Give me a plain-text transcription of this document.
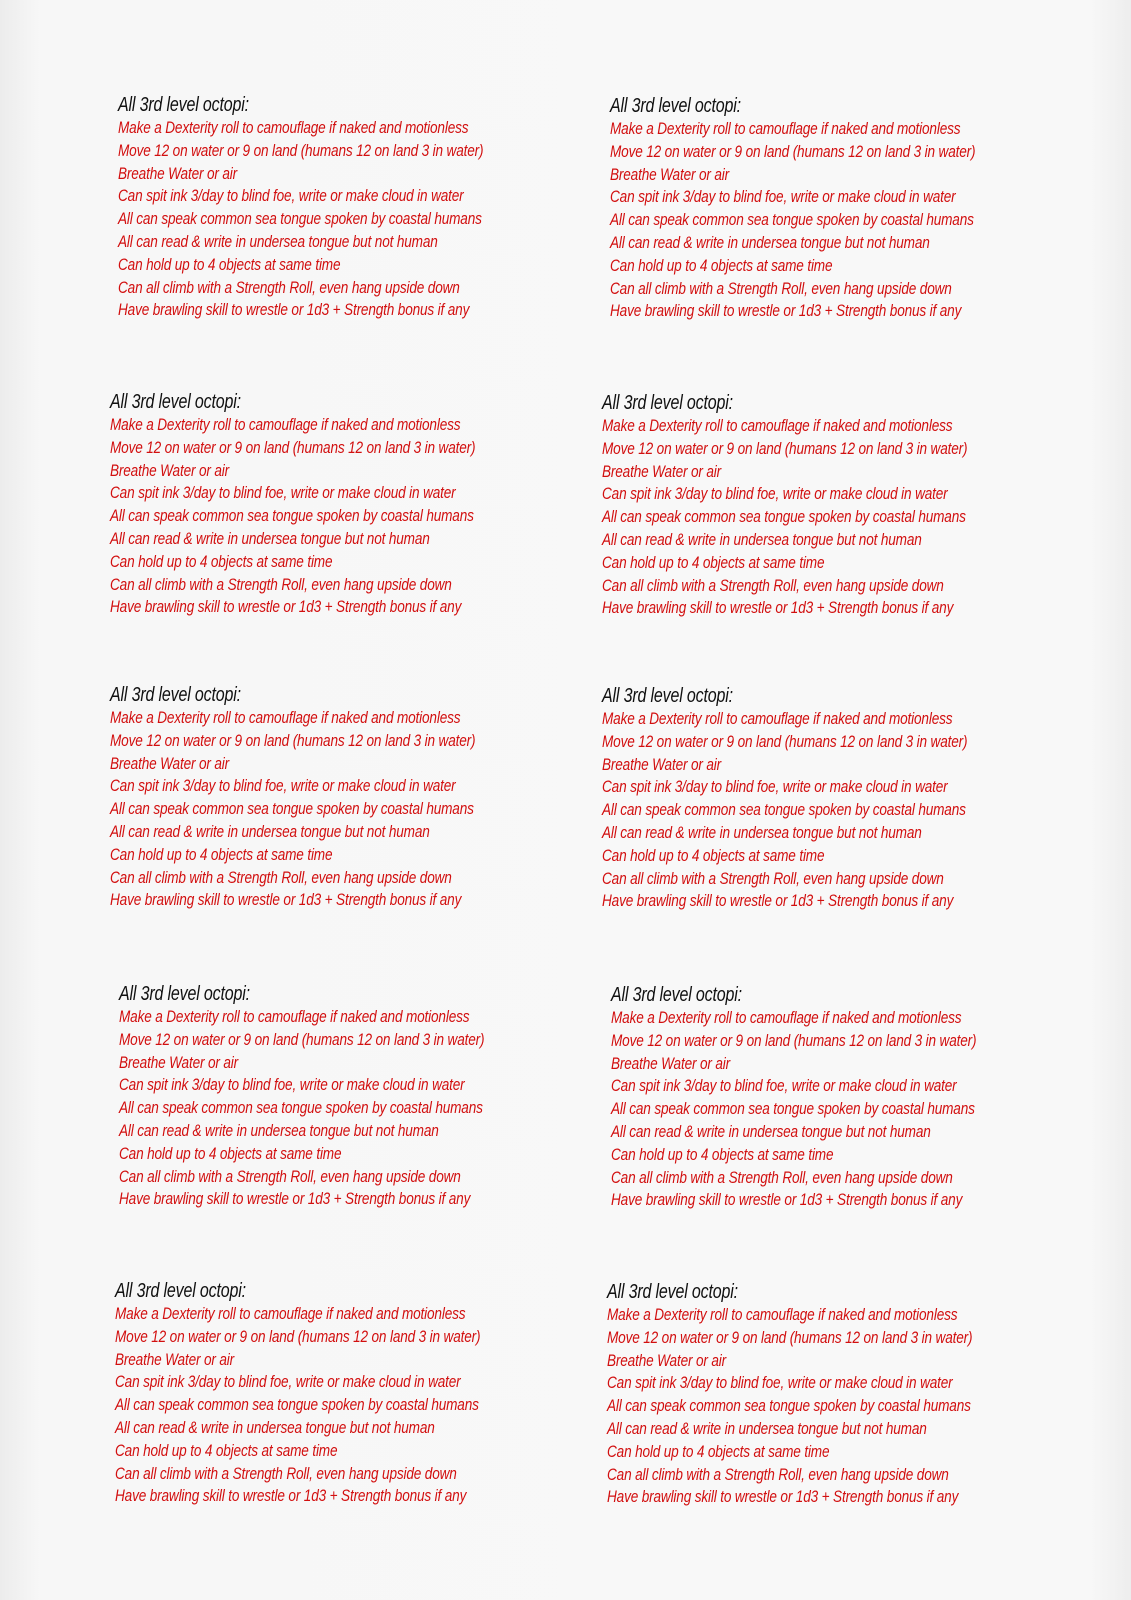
All 3rd level octopi:
Make a Dexterity roll to camouflage if naked and motionless
Move 12 on water or 9 on land (humans 12 on land 3 in water)
Breathe Water or air
Can spit ink 3/day to blind foe, write or make cloud in water
All can speak common sea tongue spoken by coastal humans
All can read & write in undersea tongue but not human
Can hold up to 4 objects at same time
Can all climb with a Strength Roll, even hang upside down
Have brawling skill to wrestle or 1d3 + Strength bonus if any
All 3rd level octopi:
Make a Dexterity roll to camouflage if naked and motionless
Move 12 on water or 9 on land (humans 12 on land 3 in water)
Breathe Water or air
Can spit ink 3/day to blind foe, write or make cloud in water
All can speak common sea tongue spoken by coastal humans
All can read & write in undersea tongue but not human
Can hold up to 4 objects at same time
Can all climb with a Strength Roll, even hang upside down
Have brawling skill to wrestle or 1d3 + Strength bonus if any
All 3rd level octopi:
Make a Dexterity roll to camouflage if naked and motionless
Move 12 on water or 9 on land (humans 12 on land 3 in water)
Breathe Water or air
Can spit ink 3/day to blind foe, write or make cloud in water
All can speak common sea tongue spoken by coastal humans
All can read & write in undersea tongue but not human
Can hold up to 4 objects at same time
Can all climb with a Strength Roll, even hang upside down
Have brawling skill to wrestle or 1d3 + Strength bonus if any
All 3rd level octopi:
Make a Dexterity roll to camouflage if naked and motionless
Move 12 on water or 9 on land (humans 12 on land 3 in water)
Breathe Water or air
Can spit ink 3/day to blind foe, write or make cloud in water
All can speak common sea tongue spoken by coastal humans
All can read & write in undersea tongue but not human
Can hold up to 4 objects at same time
Can all climb with a Strength Roll, even hang upside down
Have brawling skill to wrestle or 1d3 + Strength bonus if any
All 3rd level octopi:
Make a Dexterity roll to camouflage if naked and motionless
Move 12 on water or 9 on land (humans 12 on land 3 in water)
Breathe Water or air
Can spit ink 3/day to blind foe, write or make cloud in water
All can speak common sea tongue spoken by coastal humans
All can read & write in undersea tongue but not human
Can hold up to 4 objects at same time
Can all climb with a Strength Roll, even hang upside down
Have brawling skill to wrestle or 1d3 + Strength bonus if any
All 3rd level octopi:
Make a Dexterity roll to camouflage if naked and motionless
Move 12 on water or 9 on land (humans 12 on land 3 in water)
Breathe Water or air
Can spit ink 3/day to blind foe, write or make cloud in water
All can speak common sea tongue spoken by coastal humans
All can read & write in undersea tongue but not human
Can hold up to 4 objects at same time
Can all climb with a Strength Roll, even hang upside down
Have brawling skill to wrestle or 1d3 + Strength bonus if any
All 3rd level octopi:
Make a Dexterity roll to camouflage if naked and motionless
Move 12 on water or 9 on land (humans 12 on land 3 in water)
Breathe Water or air
Can spit ink 3/day to blind foe, write or make cloud in water
All can speak common sea tongue spoken by coastal humans
All can read & write in undersea tongue but not human
Can hold up to 4 objects at same time
Can all climb with a Strength Roll, even hang upside down
Have brawling skill to wrestle or 1d3 + Strength bonus if any
All 3rd level octopi:
Make a Dexterity roll to camouflage if naked and motionless
Move 12 on water or 9 on land (humans 12 on land 3 in water)
Breathe Water or air
Can spit ink 3/day to blind foe, write or make cloud in water
All can speak common sea tongue spoken by coastal humans
All can read & write in undersea tongue but not human
Can hold up to 4 objects at same time
Can all climb with a Strength Roll, even hang upside down
Have brawling skill to wrestle or 1d3 + Strength bonus if any
All 3rd level octopi:
Make a Dexterity roll to camouflage if naked and motionless
Move 12 on water or 9 on land (humans 12 on land 3 in water)
Breathe Water or air
Can spit ink 3/day to blind foe, write or make cloud in water
All can speak common sea tongue spoken by coastal humans
All can read & write in undersea tongue but not human
Can hold up to 4 objects at same time
Can all climb with a Strength Roll, even hang upside down
Have brawling skill to wrestle or 1d3 + Strength bonus if any
All 3rd level octopi:
Make a Dexterity roll to camouflage if naked and motionless
Move 12 on water or 9 on land (humans 12 on land 3 in water)
Breathe Water or air
Can spit ink 3/day to blind foe, write or make cloud in water
All can speak common sea tongue spoken by coastal humans
All can read & write in undersea tongue but not human
Can hold up to 4 objects at same time
Can all climb with a Strength Roll, even hang upside down
Have brawling skill to wrestle or 1d3 + Strength bonus if any
